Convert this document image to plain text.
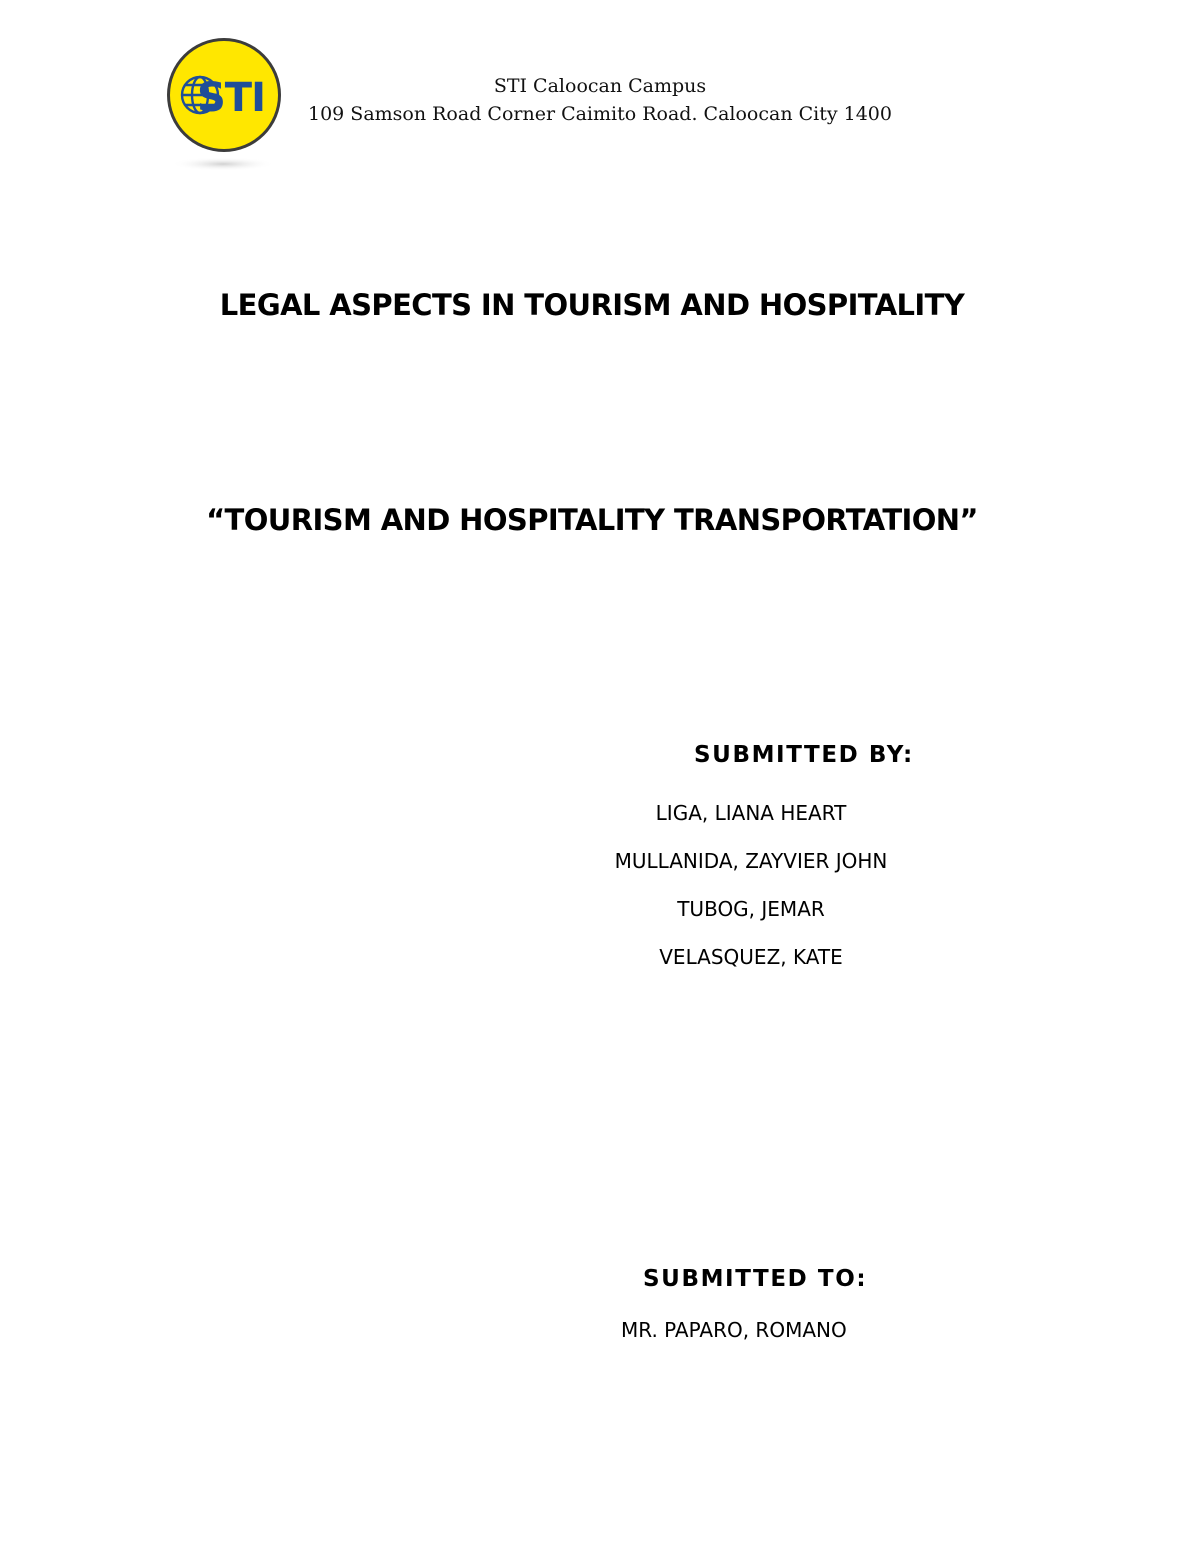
STI	STI Caloocan Campus
109 Samson Road Corner Caimito Road. Caloocan City 1400
LEGAL ASPECTS IN TOURISM AND HOSPITALITY
“TOURISM AND HOSPITALITY TRANSPORTATION”
SUBMITTED BY:
LIGA, LIANA HEART
MULLANIDA, ZAYVIER JOHN
TUBOG, JEMAR
VELASQUEZ, KATE
SUBMITTED TO:
MR. PAPARO, ROMANO
